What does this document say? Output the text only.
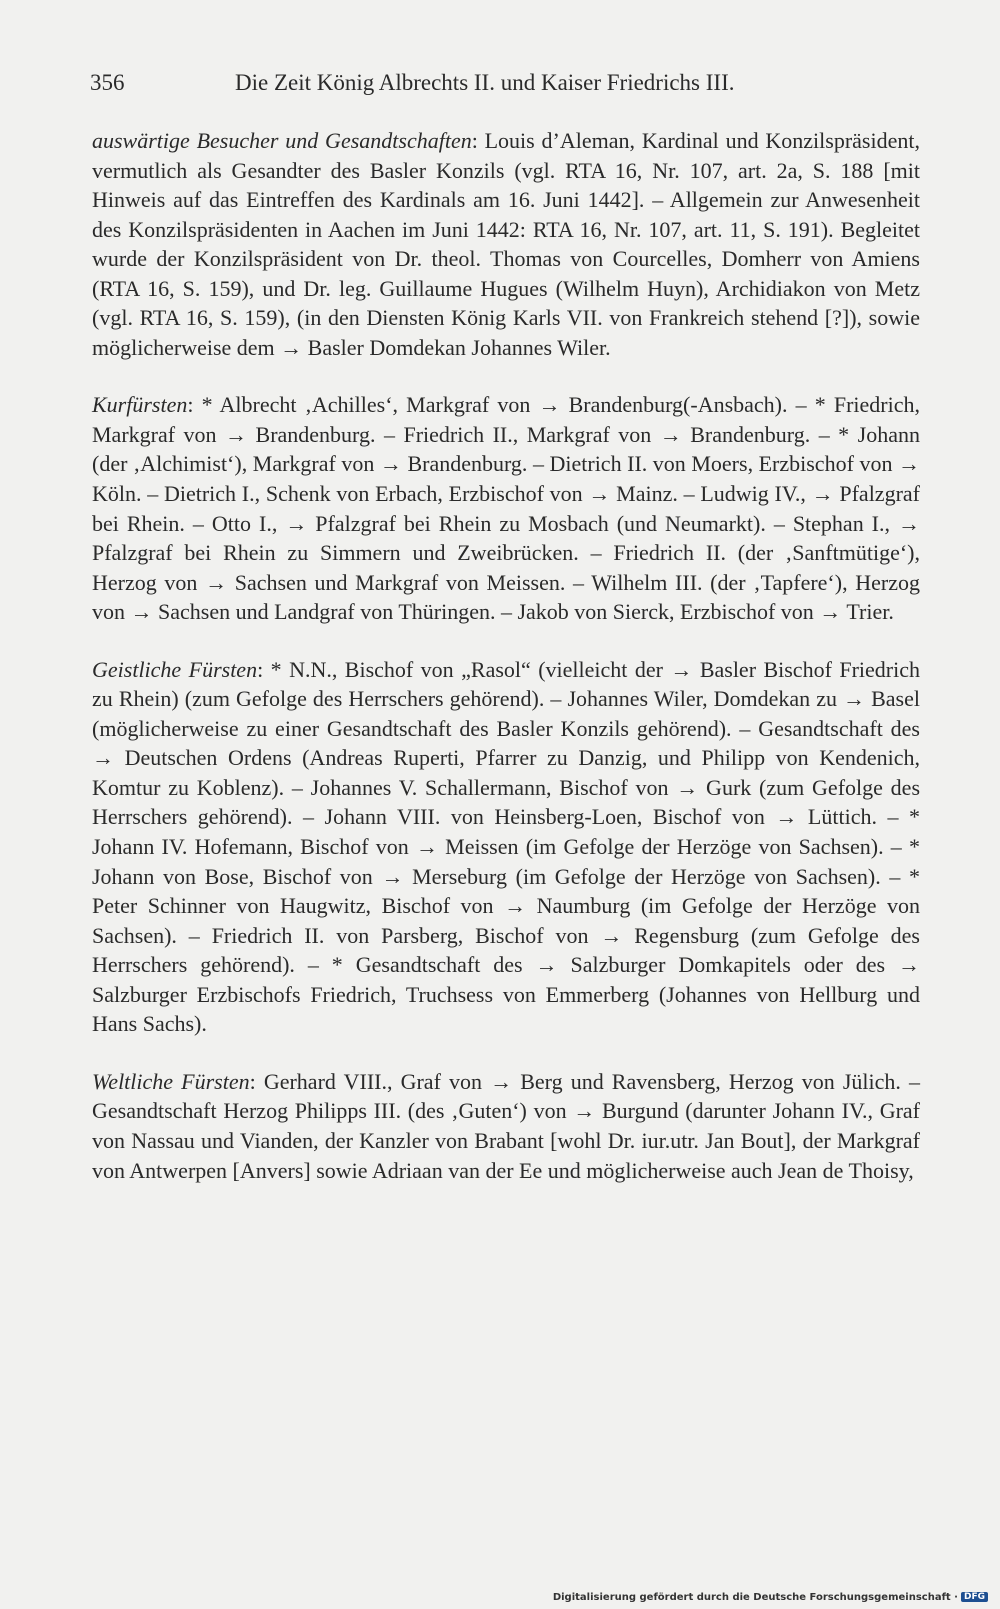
356	Die Zeit König Albrechts II. und Kaiser Friedrichs III.

auswärtige Besucher und Gesandtschaften: Louis d’Aleman, Kardinal und Konzilspräsident, vermutlich als Gesandter des Basler Konzils (vgl. RTA 16, Nr. 107, art. 2a, S. 188 [mit Hinweis auf das Eintreffen des Kardinals am 16. Juni 1442]. – Allgemein zur Anwesenheit des Konzilspräsidenten in Aachen im Juni 1442: RTA 16, Nr. 107, art. 11, S. 191). Begleitet wurde der Konzilspräsident von Dr. theol. Thomas von Courcelles, Domherr von Amiens (RTA 16, S. 159), und Dr. leg. Guillaume Hugues (Wilhelm Huyn), Archidiakon von Metz (vgl. RTA 16, S. 159), (in den Diensten König Karls VII. von Frankreich stehend [?]), sowie möglicherweise dem → Basler Domdekan Johannes Wiler.

Kurfürsten: * Albrecht ‚Achilles‘, Markgraf von → Brandenburg(-Ansbach). – * Friedrich, Markgraf von → Brandenburg. – Friedrich II., Markgraf von → Brandenburg. – * Johann (der ‚Alchimist‘), Markgraf von → Brandenburg. – Dietrich II. von Moers, Erzbischof von → Köln. – Dietrich I., Schenk von Erbach, Erzbischof von → Mainz. – Ludwig IV., → Pfalzgraf bei Rhein. – Otto I., → Pfalzgraf bei Rhein zu Mosbach (und Neumarkt). – Stephan I., → Pfalzgraf bei Rhein zu Simmern und Zweibrücken. – Friedrich II. (der ‚Sanftmütige‘), Herzog von → Sachsen und Markgraf von Meissen. – Wilhelm III. (der ‚Tapfere‘), Herzog von → Sachsen und Landgraf von Thüringen. – Jakob von Sierck, Erzbischof von → Trier.

Geistliche Fürsten: * N.N., Bischof von „Rasol“ (vielleicht der → Basler Bischof Friedrich zu Rhein) (zum Gefolge des Herrschers gehörend). – Johannes Wiler, Domdekan zu → Basel (möglicherweise zu einer Gesandtschaft des Basler Konzils gehörend). – Gesandtschaft des → Deutschen Ordens (Andreas Ruperti, Pfarrer zu Danzig, und Philipp von Kendenich, Komtur zu Koblenz). – Johannes V. Schallermann, Bischof von → Gurk (zum Gefolge des Herrschers gehörend). – Johann VIII. von Heinsberg-Loen, Bischof von → Lüttich. – * Johann IV. Hofemann, Bischof von → Meissen (im Gefolge der Herzöge von Sachsen). – * Johann von Bose, Bischof von → Merseburg (im Gefolge der Herzöge von Sachsen). – * Peter Schinner von Haugwitz, Bischof von → Naumburg (im Gefolge der Herzöge von Sachsen). – Friedrich II. von Parsberg, Bischof von → Regensburg (zum Gefolge des Herrschers gehörend). – * Gesandtschaft des → Salzburger Domkapitels oder des → Salzburger Erzbischofs Friedrich, Truchsess von Emmerberg (Johannes von Hellburg und Hans Sachs).

Weltliche Fürsten: Gerhard VIII., Graf von → Berg und Ravensberg, Herzog von Jülich. – Gesandtschaft Herzog Philipps III. (des ‚Guten‘) von → Burgund (darunter Johann IV., Graf von Nassau und Vianden, der Kanzler von Brabant [wohl Dr. iur.utr. Jan Bout], der Markgraf von Antwerpen [Anvers] sowie Adriaan van der Ee und möglicherweise auch Jean de Thoisy,

Digitalisierung gefördert durch die Deutsche Forschungsgemeinschaft · DFG
